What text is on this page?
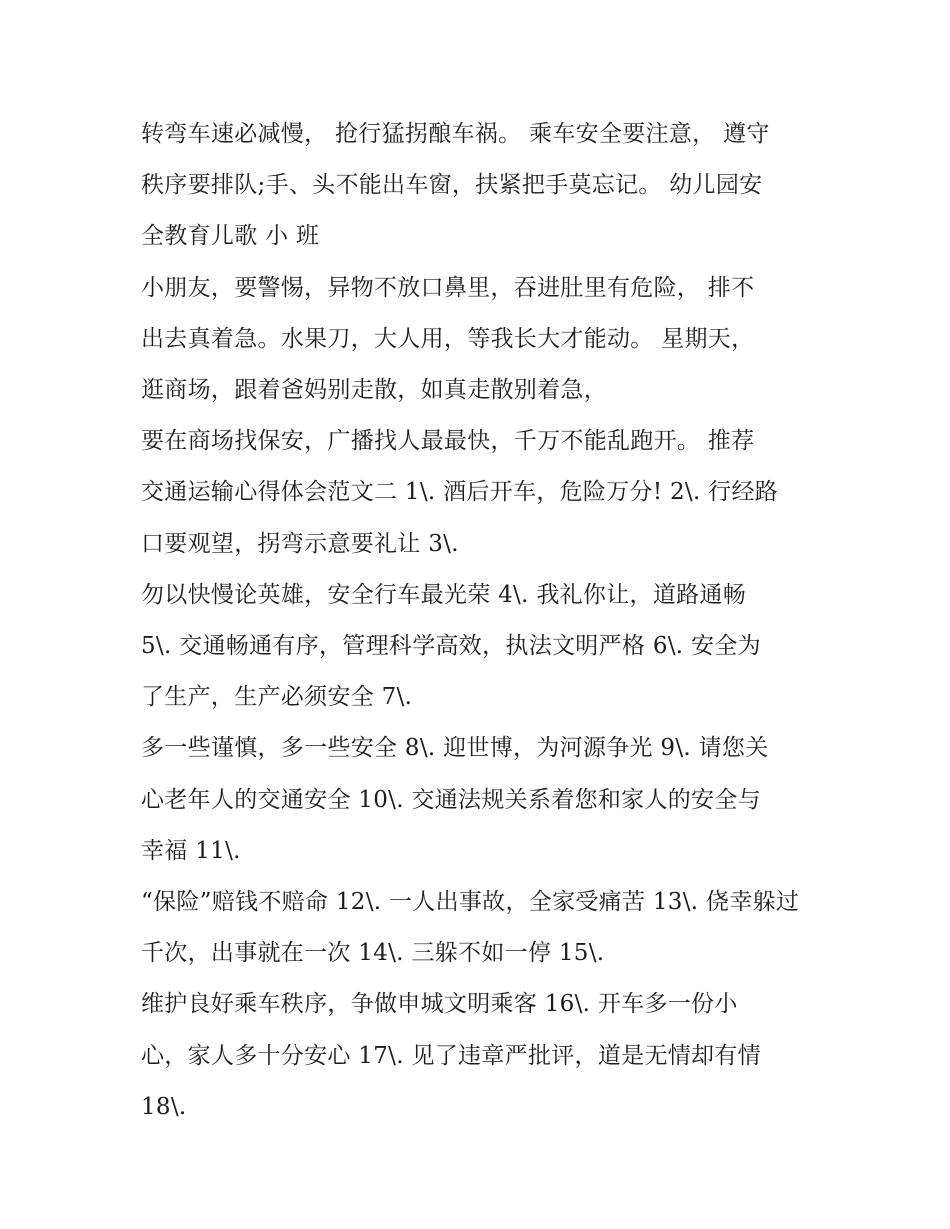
转弯车速必减慢， 抢行猛拐酿车祸。 乘车安全要注意， 遵守
秩序要排队;手、头不能出车窗，扶紧把手莫忘记。 幼儿园安
全教育儿歌 小 班
小朋友，要警惕，异物不放口鼻里，吞进肚里有危险， 排不
出去真着急。水果刀，大人用，等我长大才能动。 星期天，
逛商场，跟着爸妈别走散，如真走散别着急，
要在商场找保安，广播找人最最快，千万不能乱跑开。 推荐
交通运输心得体会范文二 1\. 酒后开车，危险万分! 2\. 行经路
口要观望，拐弯示意要礼让 3\.
勿以快慢论英雄，安全行车最光荣 4\. 我礼你让，道路通畅
5\. 交通畅通有序，管理科学高效，执法文明严格 6\. 安全为
了生产，生产必须安全 7\.
多一些谨慎，多一些安全 8\. 迎世博，为河源争光 9\. 请您关
心老年人的交通安全 10\. 交通法规关系着您和家人的安全与
幸福 11\.
“保险”赔钱不赔命 12\. 一人出事故，全家受痛苦 13\. 侥幸躲过
千次，出事就在一次 14\. 三躲不如一停 15\.
维护良好乘车秩序，争做申城文明乘客 16\. 开车多一份小
心，家人多十分安心 17\. 见了违章严批评，道是无情却有情
18\.
